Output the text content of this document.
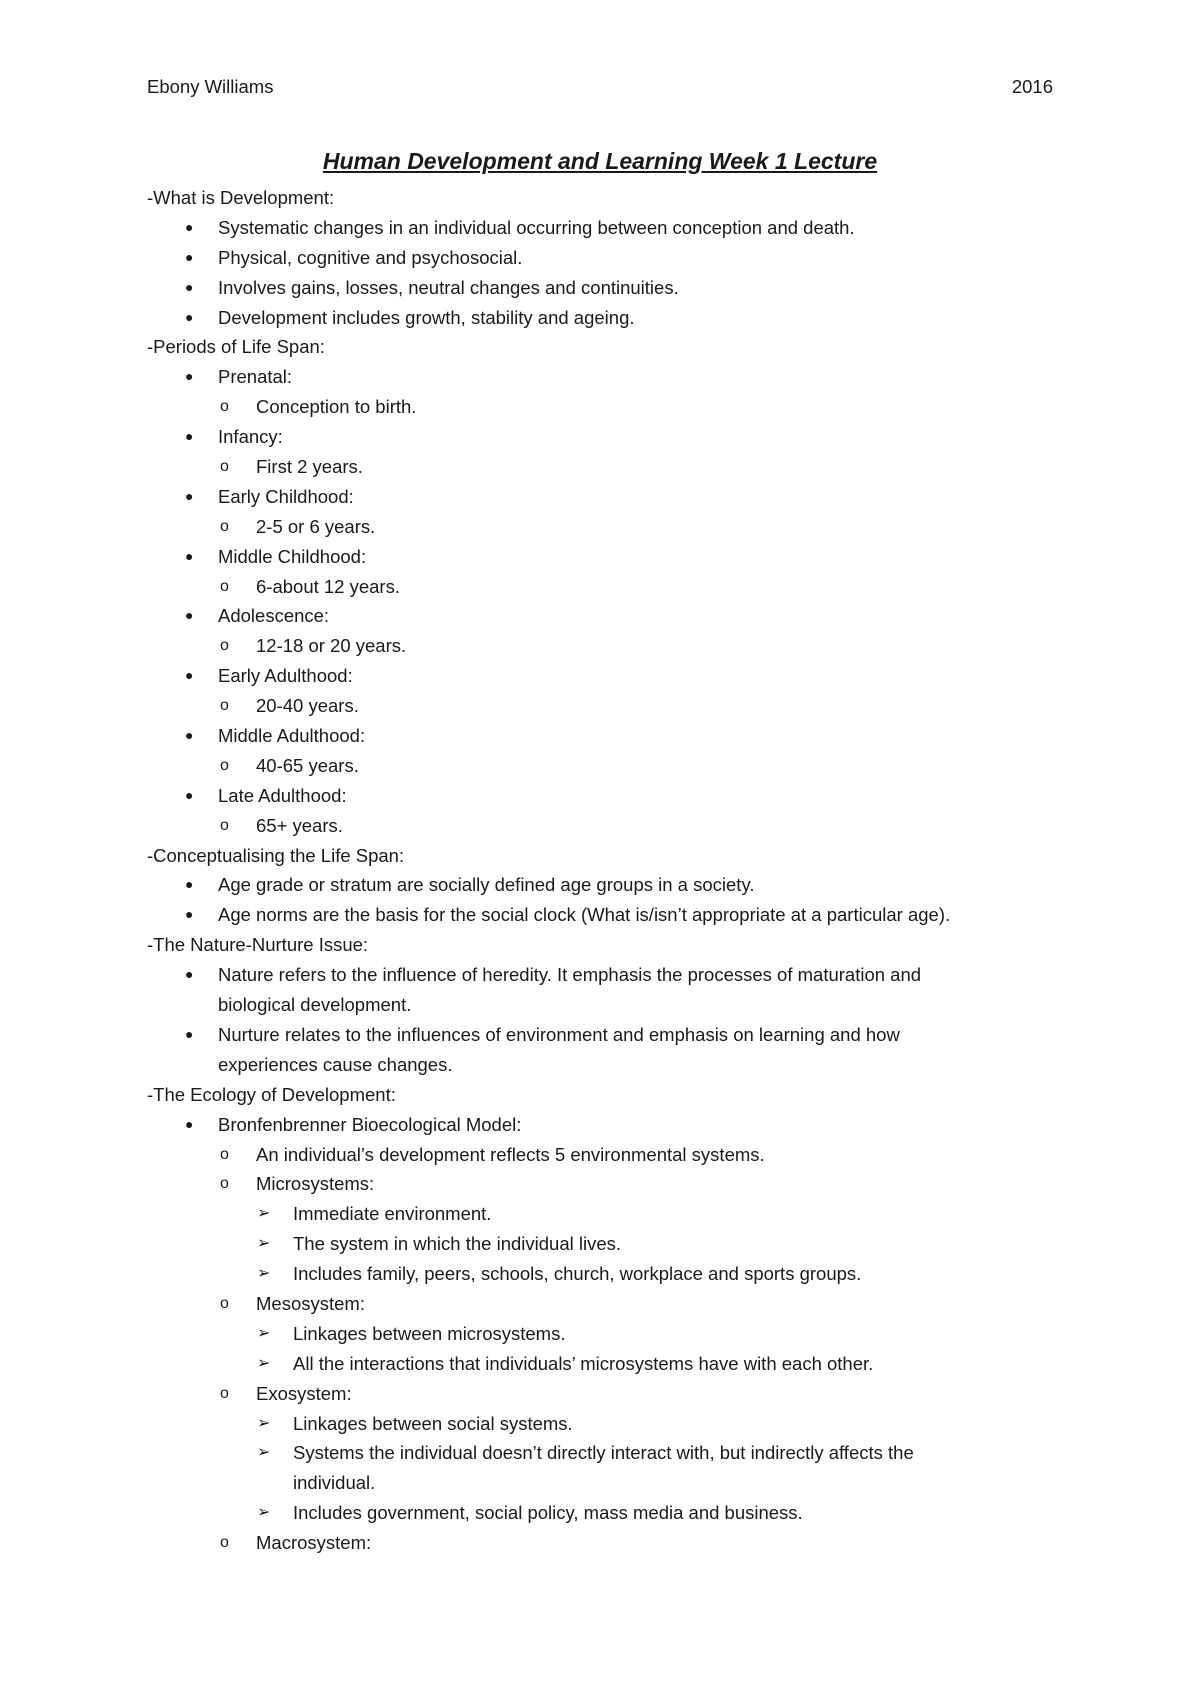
Ebony Williams	2016
Human Development and Learning Week 1 Lecture
-What is Development:
● Systematic changes in an individual occurring between conception and death.
● Physical, cognitive and psychosocial.
● Involves gains, losses, neutral changes and continuities.
● Development includes growth, stability and ageing.
-Periods of Life Span:
● Prenatal:
o Conception to birth.
● Infancy:
o First 2 years.
● Early Childhood:
o 2-5 or 6 years.
● Middle Childhood:
o 6-about 12 years.
● Adolescence:
o 12-18 or 20 years.
● Early Adulthood:
o 20-40 years.
● Middle Adulthood:
o 40-65 years.
● Late Adulthood:
o 65+ years.
-Conceptualising the Life Span:
● Age grade or stratum are socially defined age groups in a society.
● Age norms are the basis for the social clock (What is/isn’t appropriate at a particular age).
-The Nature-Nurture Issue:
● Nature refers to the influence of heredity. It emphasis the processes of maturation and
biological development.
● Nurture relates to the influences of environment and emphasis on learning and how
experiences cause changes.
-The Ecology of Development:
● Bronfenbrenner Bioecological Model:
o An individual’s development reflects 5 environmental systems.
o Microsystems:
➢ Immediate environment.
➢ The system in which the individual lives.
➢ Includes family, peers, schools, church, workplace and sports groups.
o Mesosystem:
➢ Linkages between microsystems.
➢ All the interactions that individuals’ microsystems have with each other.
o Exosystem:
➢ Linkages between social systems.
➢ Systems the individual doesn’t directly interact with, but indirectly affects the
individual.
➢ Includes government, social policy, mass media and business.
o Macrosystem:
